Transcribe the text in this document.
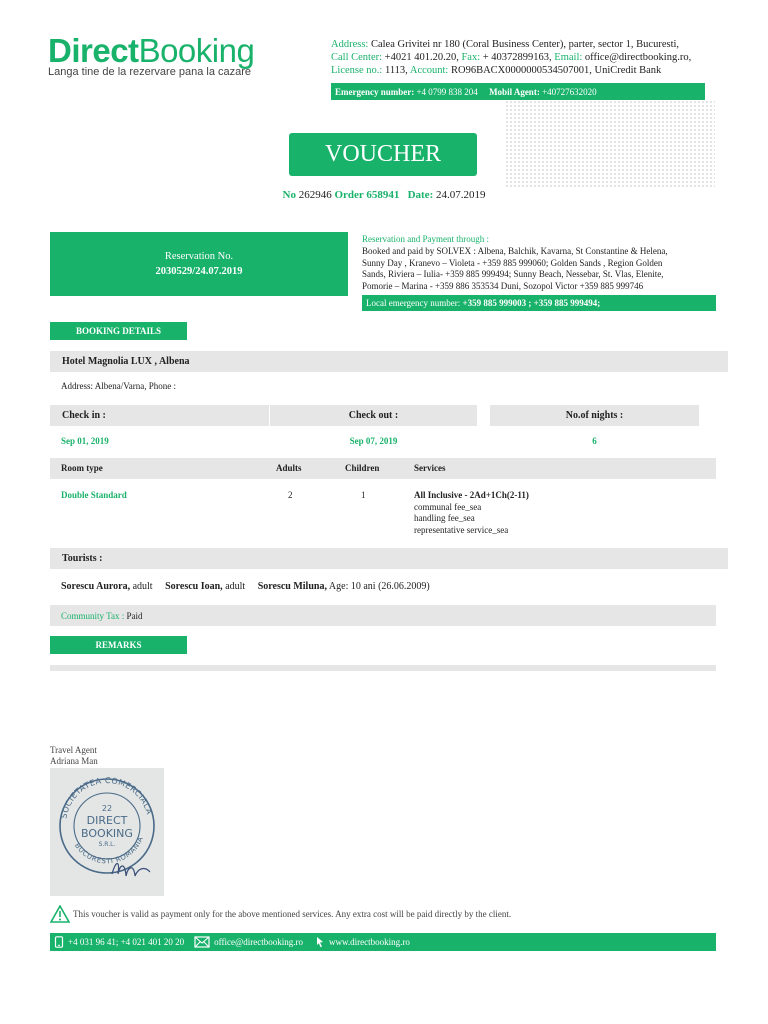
DirectBooking
Langa tine de la rezervare pana la cazare
Address: Calea Grivitei nr 180 (Coral Business Center), parter, sector 1, Bucuresti,
Call Center: +4021 401.20.20, Fax: + 40372899163, Email: office@directbooking.ro,
License no.: 1113, Account: RO96BACX0000000534507001, UniCredit Bank
Emergency number:
+4 0799 838 204
Mobil Agent:
+40727632020
VOUCHER
No 262946 Order 658941 Date: 24.07.2019
Reservation No.
2030529/24.07.2019
Reservation and Payment through :
Booked and paid by SOLVEX : Albena, Balchik, Kavarna, St Constantine & Helena,
Sunny Day , Kranevo – Violeta - +359 885 999060; Golden Sands , Region Golden
Sands, Riviera – Iulia- +359 885 999494; Sunny Beach, Nessebar, St. Vlas, Elenite,
Pomorie – Marina - +359 886 353534 Duni, Sozopol Victor +359 885 999746
Local emergency number:
+359 885 999003 ; +359 885 999494;
BOOKING DETAILS
Hotel Magnolia LUX , Albena
Address: Albena/Varna, Phone :
Check in :	Check out :	No.of nights :
Sep 01, 2019	Sep 07, 2019	6
Room type	Adults	Children	Services
Double Standard	2	1	All Inclusive - 2Ad+1Ch(2-11)
communal fee_sea
handling fee_sea
representative service_sea
Tourists :
Sorescu Aurora, adult Sorescu Ioan, adult Sorescu Miluna, Age: 10 ani (26.06.2009)
Community Tax :
Paid
REMARKS
Travel Agent
Adriana Man
SOCIETATEA COMERCIALA
BUCURESTI ROMANIA
22
DIRECT
BOOKING
S.R.L.
This voucher is valid as payment only for the above mentioned services. Any extra cost will be paid directly by the client.
+4 031 96 41; +4 021 401 20 20	office@directbooking.ro	www.directbooking.ro
